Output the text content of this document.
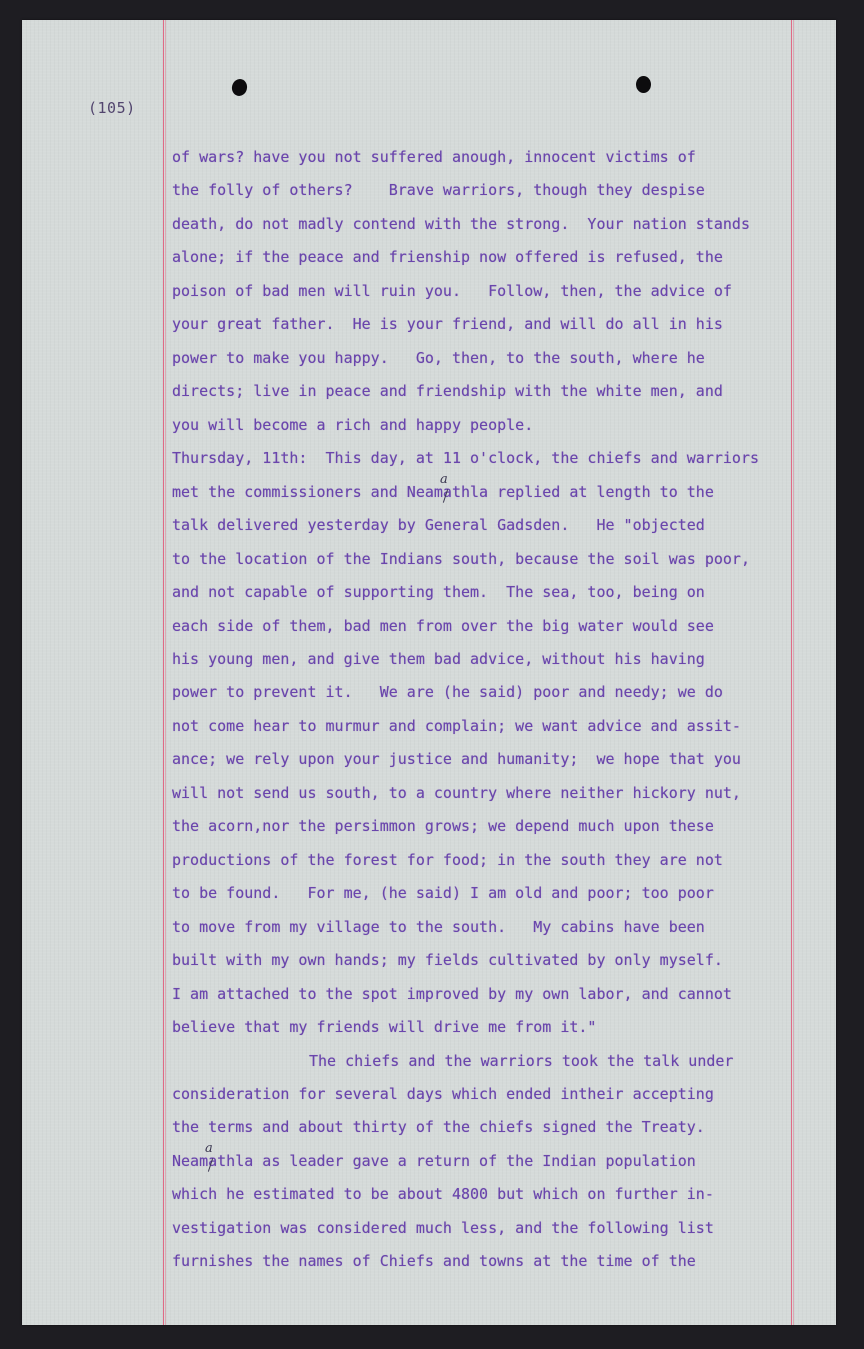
(105)
of wars? have you not suffered anough, innocent victims of
the folly of others?    Brave warriors, though they despise
death, do not madly contend with the strong.  Your nation stands
alone; if the peace and frienship now offered is refused, the
poison of bad men will ruin you.   Follow, then, the advice of
your great father.  He is your friend, and will do all in his
power to make you happy.   Go, then, to the south, where he
directs; live in peace and friendship with the white men, and
you will become a rich and happy people.
Thursday, 11th:  This day, at 11 o'clock, the chiefs and warriors
met the commissioners and Neamathla replied at length to the
talk delivered yesterday by General Gadsden.   He "objected
to the location of the Indians south, because the soil was poor,
and not capable of supporting them.  The sea, too, being on
each side of them, bad men from over the big water would see
his young men, and give them bad advice, without his having
power to prevent it.   We are (he said) poor and needy; we do
not come hear to murmur and complain; we want advice and assit-
ance; we rely upon your justice and humanity;  we hope that you
will not send us south, to a country where neither hickory nut,
the acorn,nor the persimmon grows; we depend much upon these
productions of the forest for food; in the south they are not
to be found.   For me, (he said) I am old and poor; too poor
to move from my village to the south.   My cabins have been
built with my own hands; my fields cultivated by only myself.
I am attached to the spot improved by my own labor, and cannot
believe that my friends will drive me from it."
The chiefs and the warriors took the talk under
consideration for several days which ended intheir accepting
the terms and about thirty of the chiefs signed the Treaty.
Neamathla as leader gave a return of the Indian population
which he estimated to be about 4800 but which on further in-
vestigation was considered much less, and the following list
furnishes the names of Chiefs and towns at the time of the
a
a
